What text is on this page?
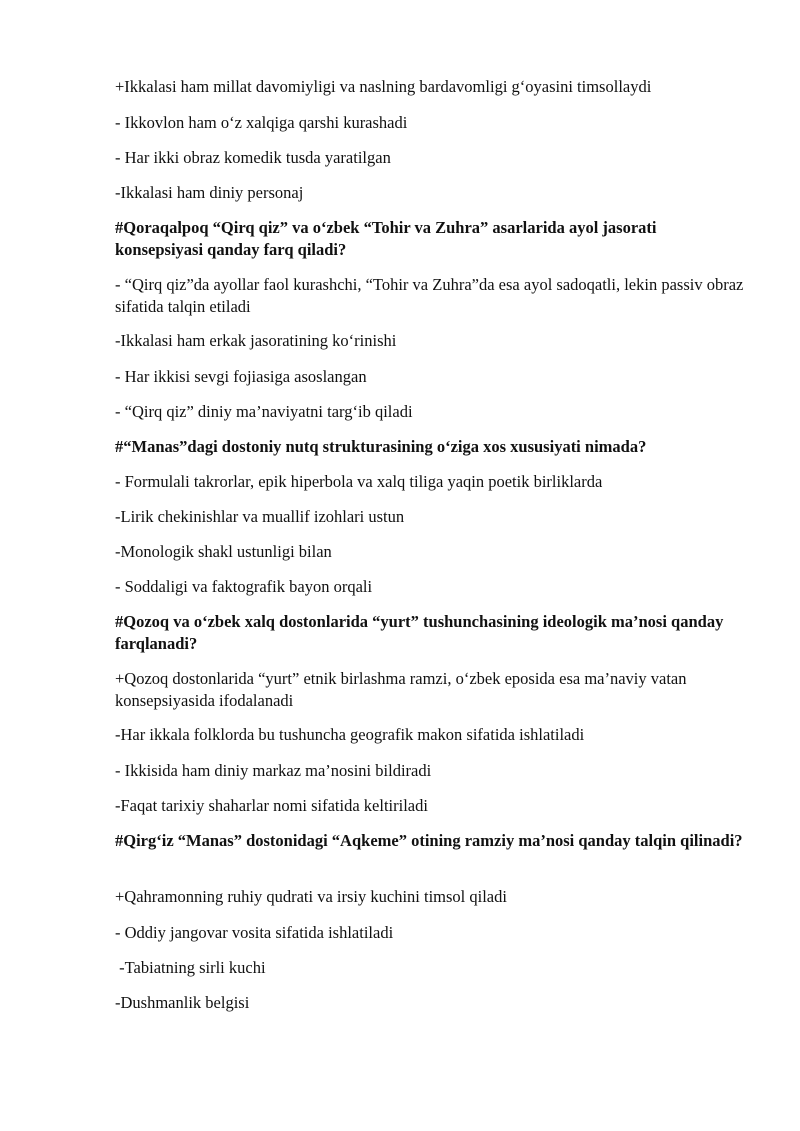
+Ikkalasi ham millat davomiyligi va naslning bardavomligi g‘oyasini timsollaydi
- Ikkovlon ham o‘z xalqiga qarshi kurashadi
- Har ikki obraz komedik tusda yaratilgan
-Ikkalasi ham diniy personaj
#Qoraqalpoq “Qirq qiz” va o‘zbek “Tohir va Zuhra” asarlarida ayol jasorati konsepsiyasi qanday farq qiladi?
- “Qirq qiz”da ayollar faol kurashchi, “Tohir va Zuhra”da esa ayol sadoqatli, lekin passiv obraz sifatida talqin etiladi
-Ikkalasi ham erkak jasoratining ko‘rinishi
- Har ikkisi sevgi fojiasiga asoslangan
- “Qirq qiz” diniy ma’naviyatni targ‘ib qiladi
#“Manas”dagi dostoniy nutq strukturasining o‘ziga xos xususiyati nimada?
- Formulali takrorlar, epik hiperbola va xalq tiliga yaqin poetik birliklarda
-Lirik chekinishlar va muallif izohlari ustun
-Monologik shakl ustunligi bilan
- Soddaligi va faktografik bayon orqali
#Qozoq va o‘zbek xalq dostonlarida “yurt” tushunchasining ideologik ma’nosi qanday farqlanadi?
+Qozoq dostonlarida “yurt” etnik birlashma ramzi, o‘zbek eposida esa ma’naviy vatan konsepsiyasida ifodalanadi
-Har ikkala folklorda bu tushuncha geografik makon sifatida ishlatiladi
- Ikkisida ham diniy markaz ma’nosini bildiradi
-Faqat tarixiy shaharlar nomi sifatida keltiriladi
#Qirg‘iz “Manas” dostonidagi “Aqkeme” otining ramziy ma’nosi qanday talqin qilinadi?
+Qahramonning ruhiy qudrati va irsiy kuchini timsol qiladi
- Oddiy jangovar vosita sifatida ishlatiladi
-Tabiatning sirli kuchi
-Dushmanlik belgisi
